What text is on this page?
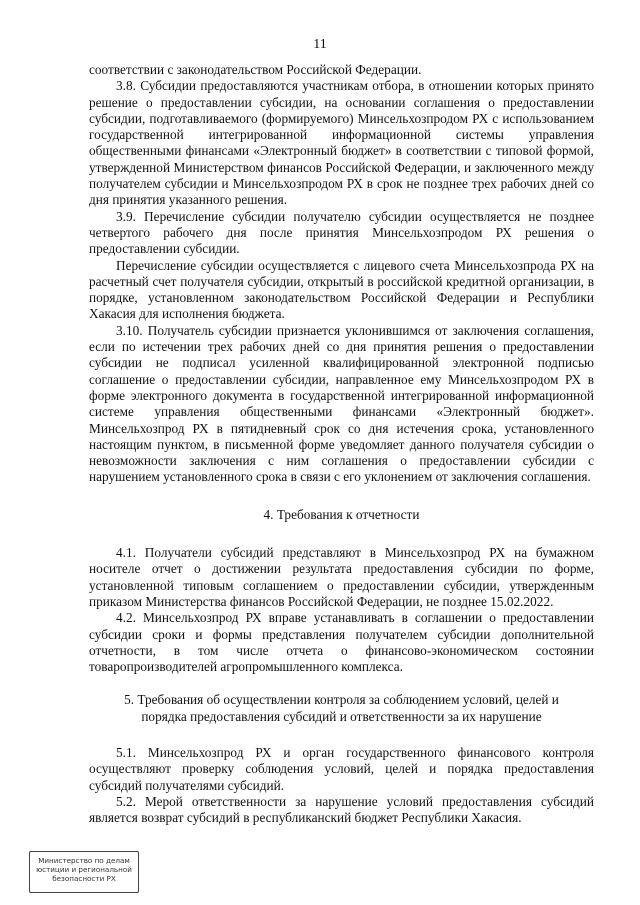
11

соответствии с законодательством Российской Федерации.

3.8. Субсидии предоставляются участникам отбора, в отношении которых принято решение о предоставлении субсидии, на основании соглашения о предоставлении субсидии, подготавливаемого (формируемого) Минсельхозпродом РХ с использованием государственной интегрированной информационной системы управления общественными финансами «Электронный бюджет» в соответствии с типовой формой, утвержденной Министерством финансов Российской Федерации, и заключенного между получателем субсидии и Минсельхозпродом РХ в срок не позднее трех рабочих дней со дня принятия указанного решения.

3.9. Перечисление субсидии получателю субсидии осуществляется не позднее четвертого рабочего дня после принятия Минсельхозпродом РХ решения о предоставлении субсидии.

Перечисление субсидии осуществляется с лицевого счета Минсельхозпрода РХ на расчетный счет получателя субсидии, открытый в российской кредитной организации, в порядке, установленном законодательством Российской Федерации и Республики Хакасия для исполнения бюджета.

3.10. Получатель субсидии признается уклонившимся от заключения соглашения, если по истечении трех рабочих дней со дня принятия решения о предоставлении субсидии не подписал усиленной квалифицированной электронной подписью соглашение о предоставлении субсидии, направленное ему Минсельхозпродом РХ в форме электронного документа в государственной интегрированной информационной системе управления общественными финансами «Электронный бюджет». Минсельхозпрод РХ в пятидневный срок со дня истечения срока, установленного настоящим пунктом, в письменной форме уведомляет данного получателя субсидии о невозможности заключения с ним соглашения о предоставлении субсидии с нарушением установленного срока в связи с его уклонением от заключения соглашения.

4. Требования к отчетности

4.1. Получатели субсидий представляют в Минсельхозпрод РХ на бумажном носителе отчет о достижении результата предоставления субсидии по форме, установленной типовым соглашением о предоставлении субсидии, утвержденным приказом Министерства финансов Российской Федерации, не позднее 15.02.2022.

4.2. Минсельхозпрод РХ вправе устанавливать в соглашении о предоставлении субсидии сроки и формы представления получателем субсидии дополнительной отчетности, в том числе отчета о финансово-экономическом состоянии товаропроизводителей агропромышленного комплекса.

5. Требования об осуществлении контроля за соблюдением условий, целей и
порядка предоставления субсидий и ответственности за их нарушение

5.1. Минсельхозпрод РХ и орган государственного финансового контроля осуществляют проверку соблюдения условий, целей и порядка предоставления субсидий получателями субсидий.

5.2. Мерой ответственности за нарушение условий предоставления субсидий является возврат субсидий в республиканский бюджет Республики Хакасия.

Министерство по делам
юстиции и региональной
безопасности РХ
